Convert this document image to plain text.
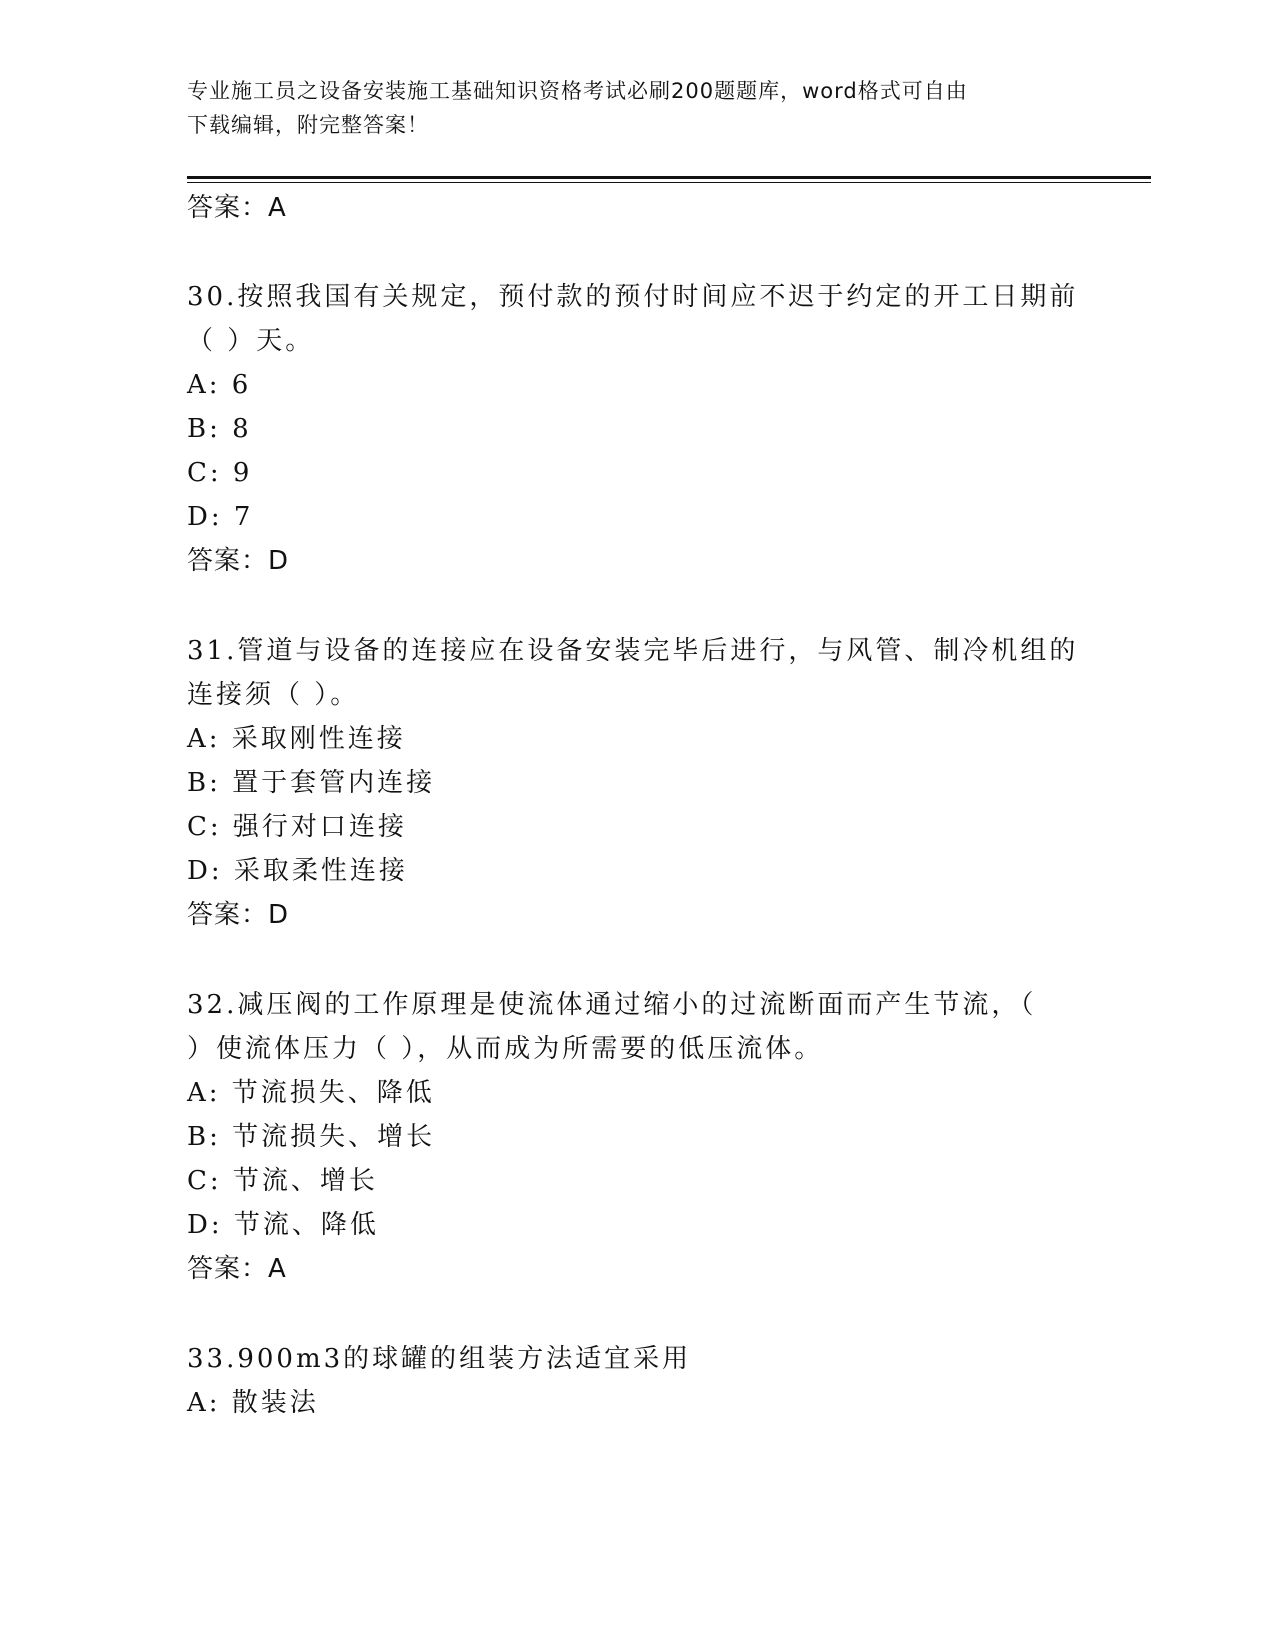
专业施工员之设备安装施工基础知识资格考试必刷200题题库，word格式可自由
下载编辑，附完整答案！
答案：A
30.按照我国有关规定，预付款的预付时间应不迟于约定的开工日期前
（ ）天。
A: 6
B: 8
C: 9
D: 7
答案：D
31.管道与设备的连接应在设备安装完毕后进行，与风管、制冷机组的
连接须（ ）。
A: 采取刚性连接
B: 置于套管内连接
C: 强行对口连接
D: 采取柔性连接
答案：D
32.减压阀的工作原理是使流体通过缩小的过流断面而产生节流，（
）使流体压力（ ），从而成为所需要的低压流体。
A: 节流损失、降低
B: 节流损失、增长
C: 节流、增长
D: 节流、降低
答案：A
33.900m3的球罐的组装方法适宜采用
A: 散装法
